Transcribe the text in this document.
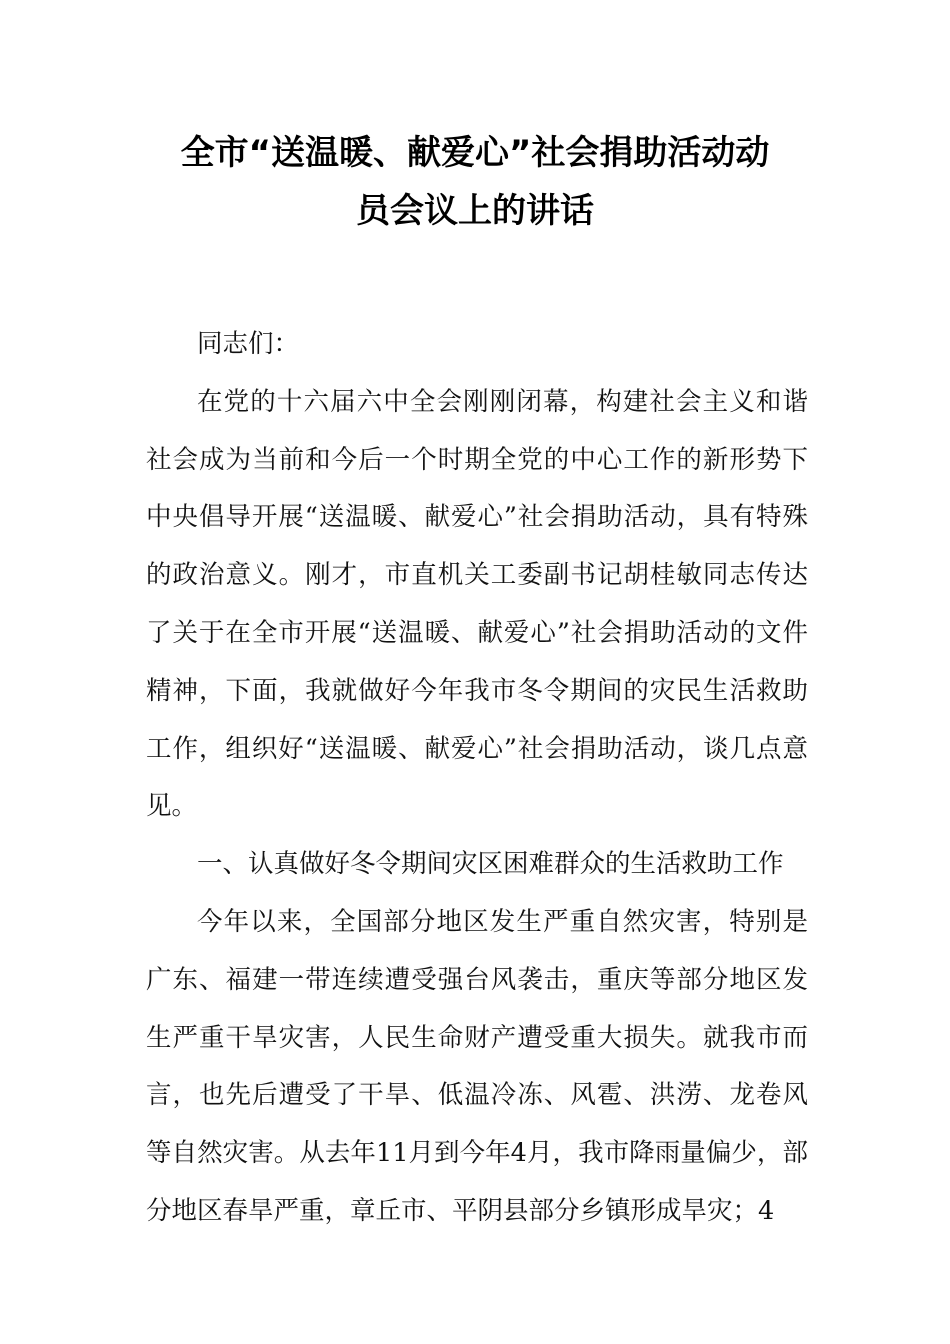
全市“送温暖、献爱心”社会捐助活动动
员会议上的讲话

同志们：

在党的十六届六中全会刚刚闭幕，构建社会主义和谐社会成为当前和今后一个时期全党的中心工作的新形势下中央倡导开展“送温暖、献爱心”社会捐助活动，具有特殊的政治意义。刚才，市直机关工委副书记胡桂敏同志传达了关于在全市开展“送温暖、献爱心”社会捐助活动的文件精神，下面，我就做好今年我市冬令期间的灾民生活救助工作，组织好“送温暖、献爱心”社会捐助活动，谈几点意见。

一、认真做好冬令期间灾区困难群众的生活救助工作

今年以来，全国部分地区发生严重自然灾害，特别是广东、福建一带连续遭受强台风袭击，重庆等部分地区发生严重干旱灾害，人民生命财产遭受重大损失。就我市而言，也先后遭受了干旱、低温冷冻、风雹、洪涝、龙卷风等自然灾害。从去年11月到今年4月，我市降雨量偏少，部分地区春旱严重，章丘市、平阴县部分乡镇形成旱灾；4
